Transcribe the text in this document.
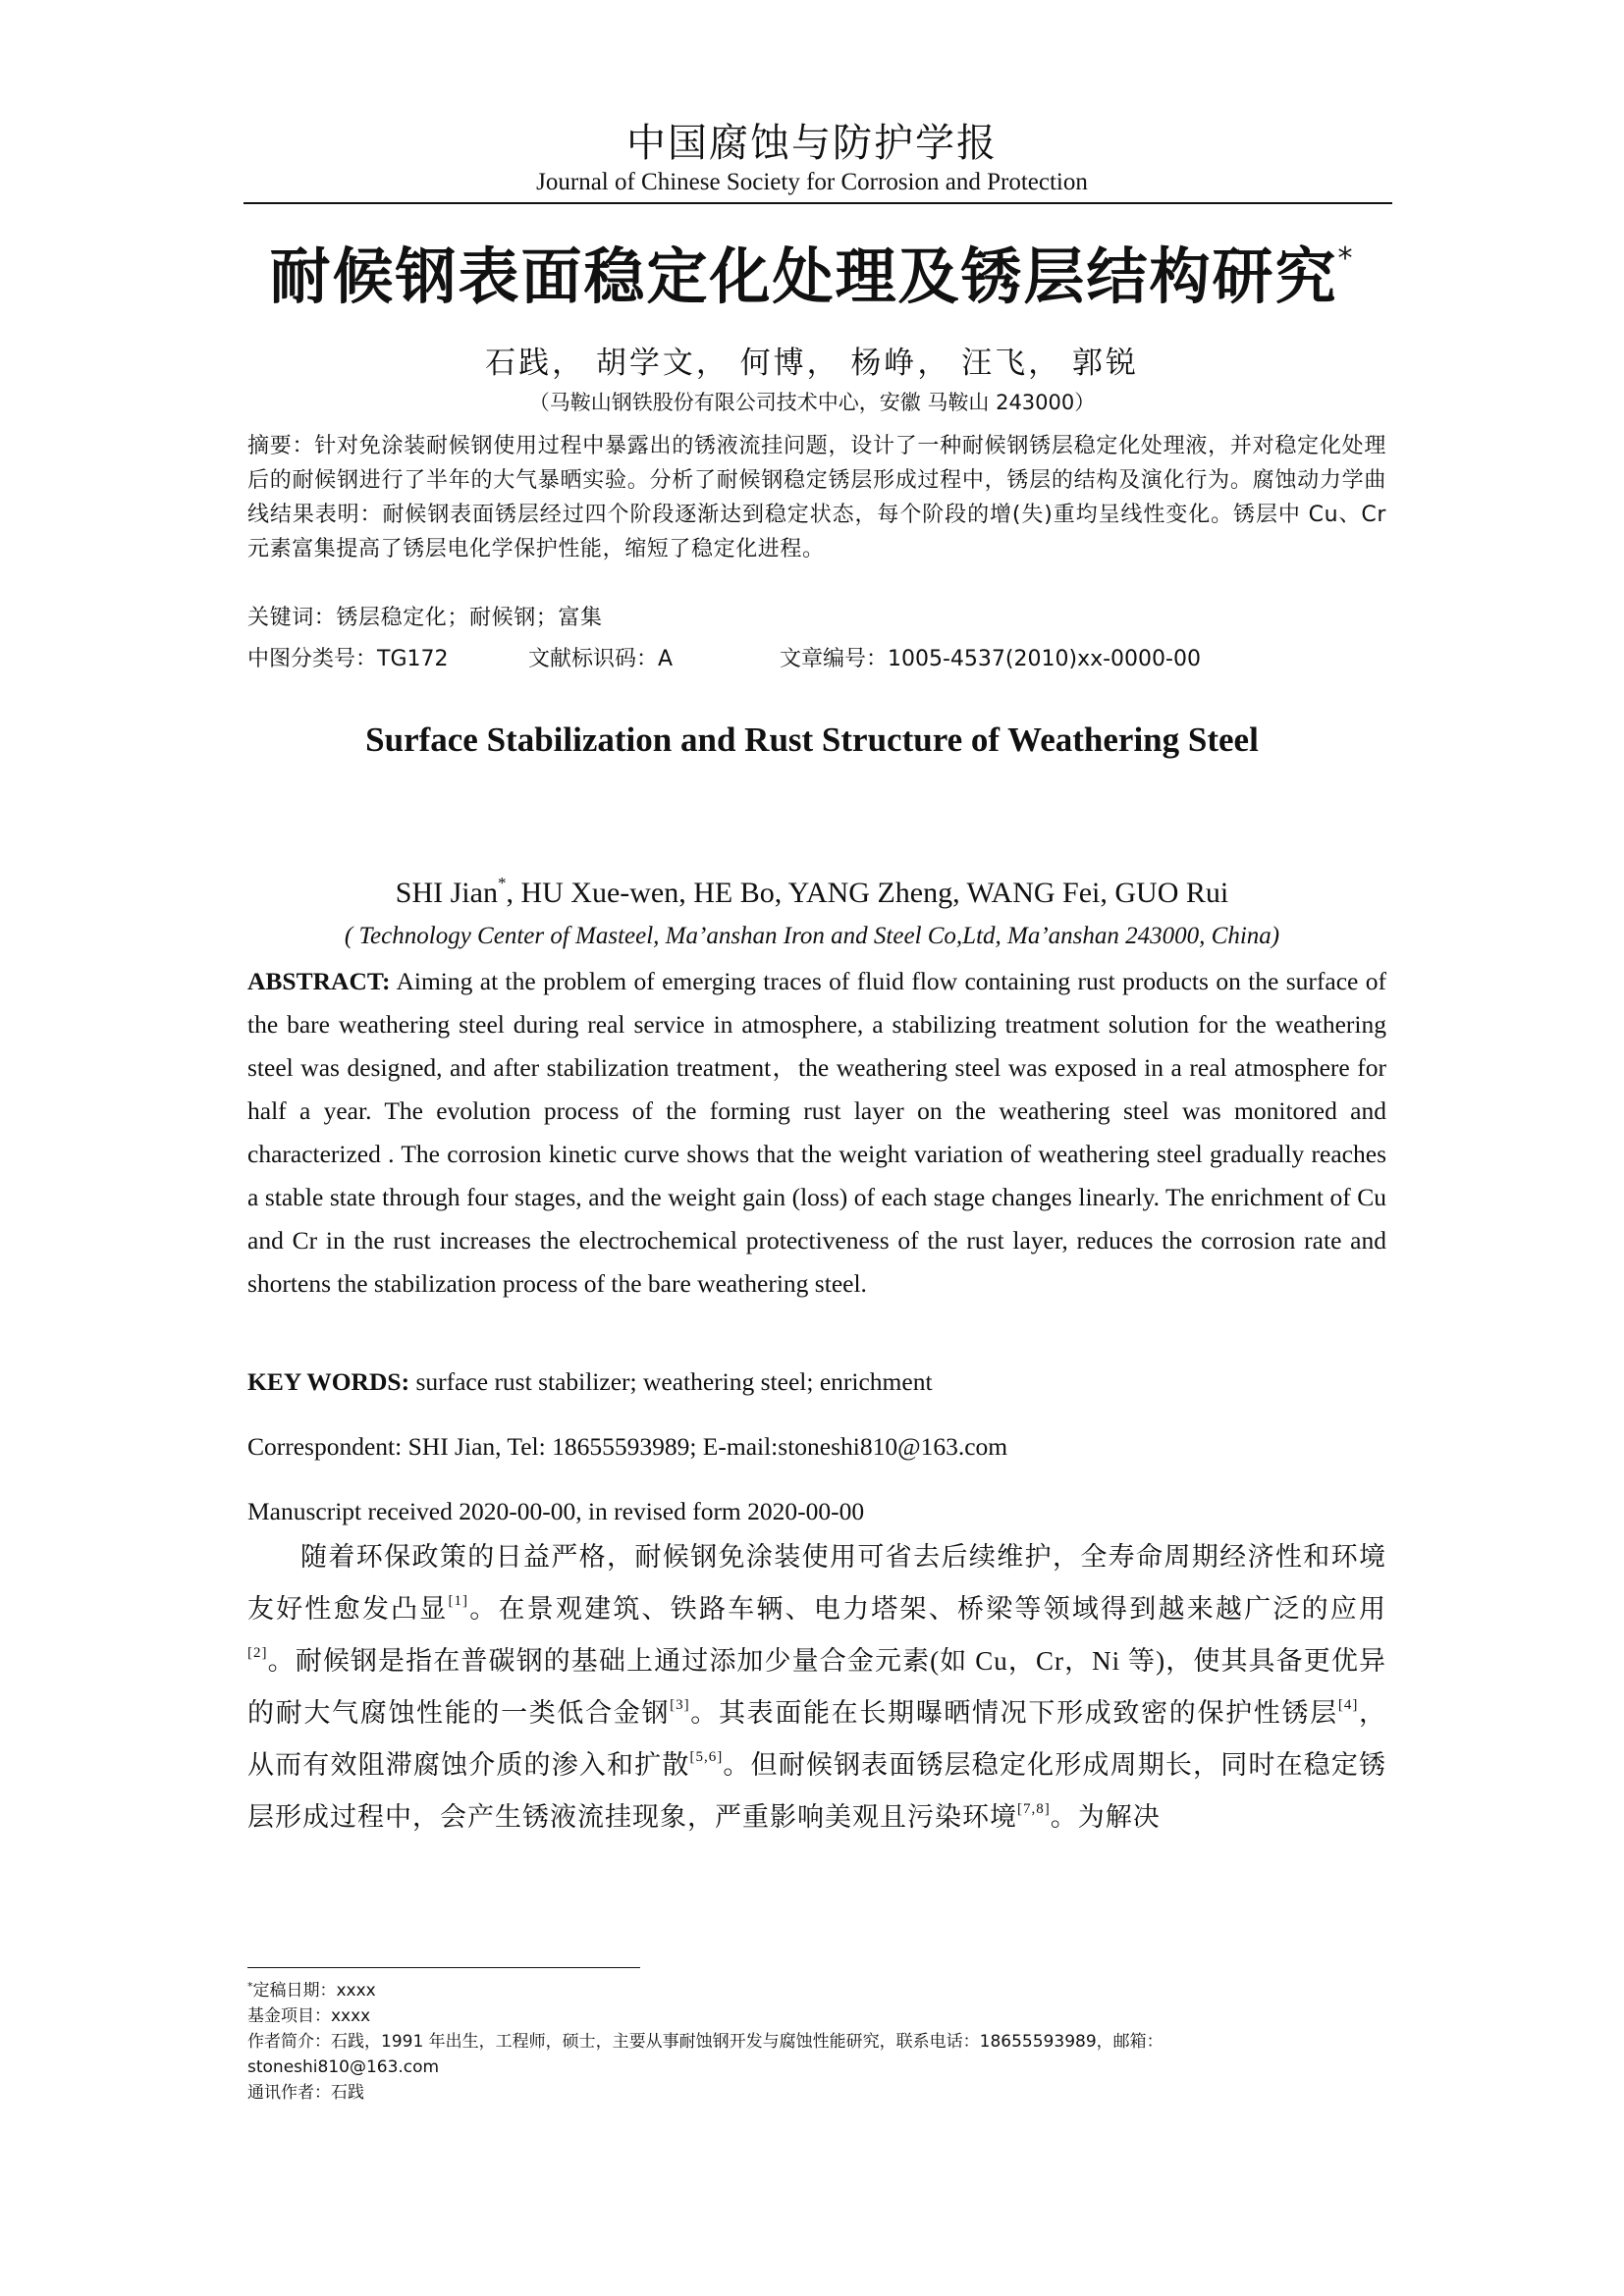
中国腐蚀与防护学报
Journal of Chinese Society for Corrosion and Protection
耐候钢表面稳定化处理及锈层结构研究*
石践， 胡学文， 何博， 杨峥， 汪飞， 郭锐
（马鞍山钢铁股份有限公司技术中心，安徽 马鞍山 243000）
摘要：针对免涂装耐候钢使用过程中暴露出的锈液流挂问题，设计了一种耐候钢锈层稳定化处理液，并对稳定化处理后的耐候钢进行了半年的大气暴晒实验。分析了耐候钢稳定锈层形成过程中，锈层的结构及演化行为。腐蚀动力学曲线结果表明：耐候钢表面锈层经过四个阶段逐渐达到稳定状态，每个阶段的增(失)重均呈线性变化。锈层中 Cu、Cr 元素富集提高了锈层电化学保护性能，缩短了稳定化进程。
关键词：锈层稳定化；耐候钢；富集
中图分类号：TG172	文献标识码：A	文章编号：1005-4537(2010)xx-0000-00
Surface Stabilization and Rust Structure of Weathering Steel
SHI Jian*, HU Xue-wen, HE Bo, YANG Zheng, WANG Fei, GUO Rui
( Technology Center of Masteel, Ma’anshan Iron and Steel Co,Ltd, Ma’anshan 243000, China)
ABSTRACT: Aiming at the problem of emerging traces of fluid flow containing rust products on the surface of the bare weathering steel during real service in atmosphere, a stabilizing treatment solution for the weathering steel was designed, and after stabilization treatment，the weathering steel was exposed in a real atmosphere for half a year. The evolution process of the forming rust layer on the weathering steel was monitored and characterized . The corrosion kinetic curve shows that the weight variation of weathering steel gradually reaches a stable state through four stages, and the weight gain (loss) of each stage changes linearly. The enrichment of Cu and Cr in the rust increases the electrochemical protectiveness of the rust layer, reduces the corrosion rate and shortens the stabilization process of the bare weathering steel.
KEY WORDS: surface rust stabilizer; weathering steel; enrichment
Correspondent: SHI Jian, Tel: 18655593989; E-mail:stoneshi810@163.com
Manuscript received 2020-00-00, in revised form 2020-00-00

随着环保政策的日益严格，耐候钢免涂装使用可省去后续维护，全寿命周期经济性和环境友好性愈发凸显[1]。在景观建筑、铁路车辆、电力塔架、桥梁等领域得到越来越广泛的应用[2]。耐候钢是指在普碳钢的基础上通过添加少量合金元素(如 Cu，Cr，Ni 等)，使其具备更优异的耐大气腐蚀性能的一类低合金钢[3]。其表面能在长期曝晒情况下形成致密的保护性锈层[4]，从而有效阻滞腐蚀介质的渗入和扩散[5,6]。但耐候钢表面锈层稳定化形成周期长，同时在稳定锈层形成过程中，会产生锈液流挂现象，严重影响美观且污染环境[7,8]。为解决

*定稿日期：xxxx
基金项目：xxxx
作者简介：石践，1991 年出生，工程师，硕士，主要从事耐蚀钢开发与腐蚀性能研究，联系电话：18655593989，邮箱：
stoneshi810@163.com
通讯作者：石践
